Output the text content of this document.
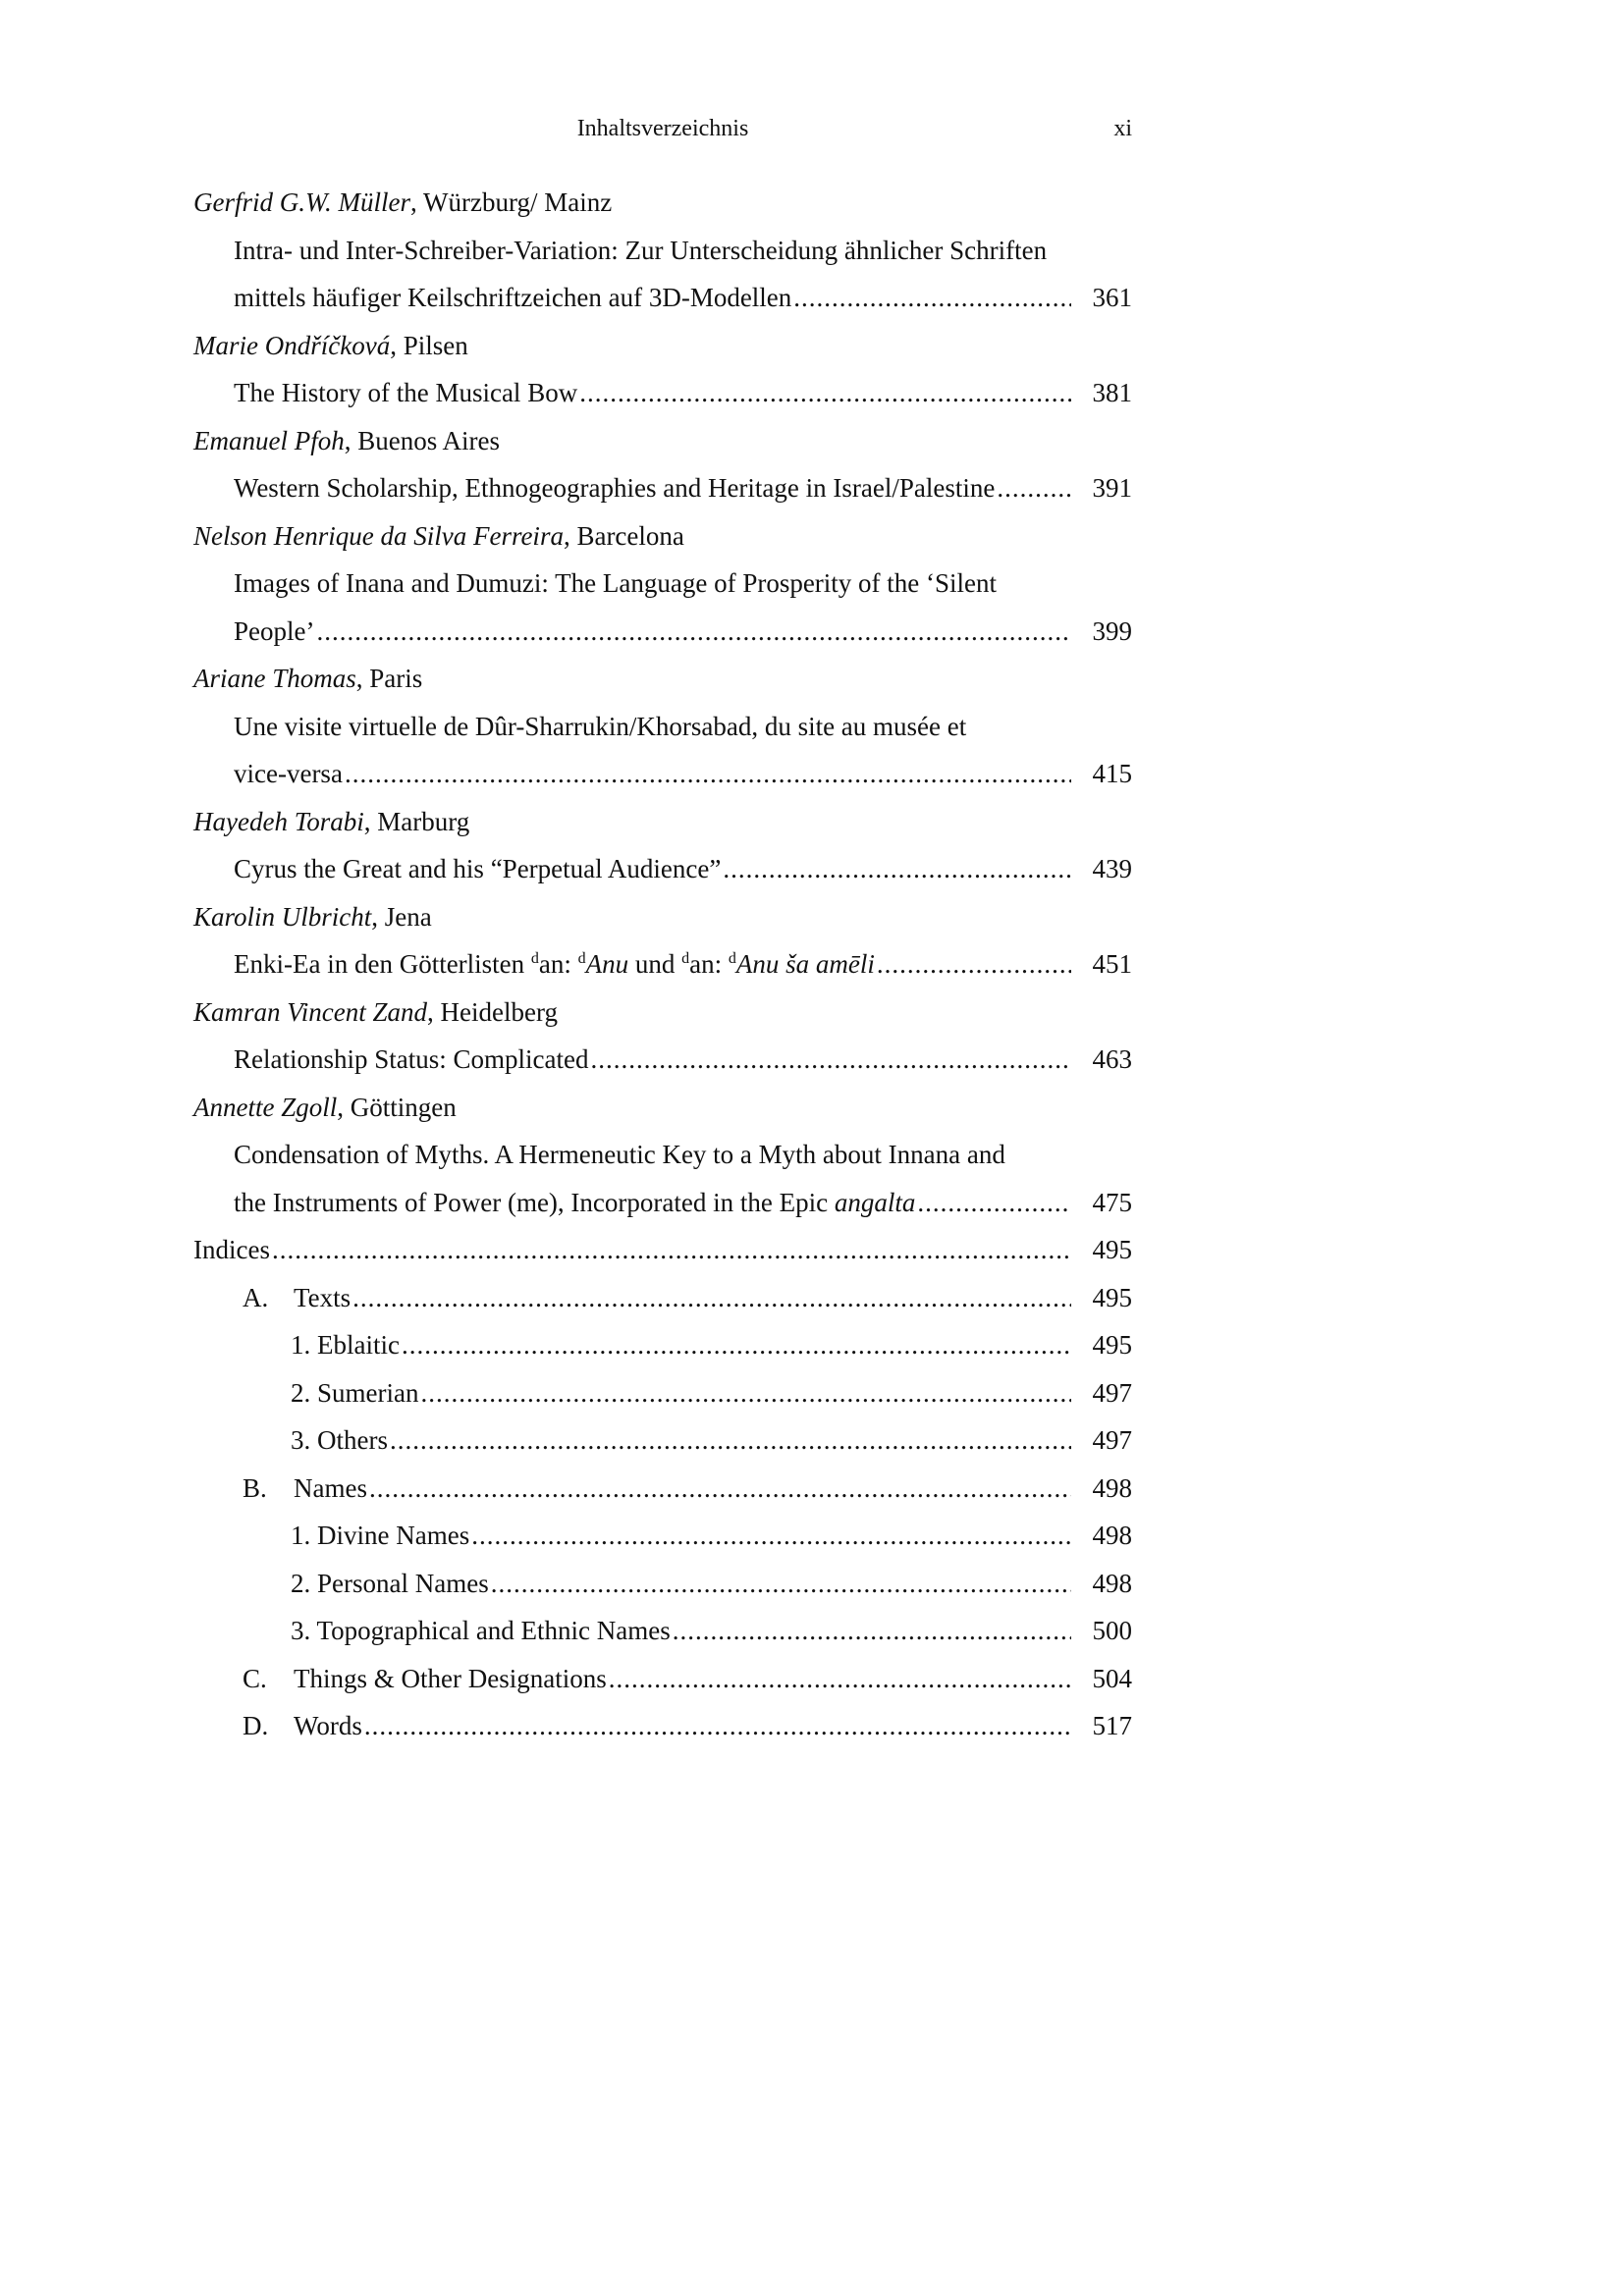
Inhaltsverzeichnis	xi
Gerfrid G.W. Müller, Würzburg/ Mainz
Intra- und Inter-Schreiber-Variation: Zur Unterscheidung ähnlicher Schriften
mittels häufiger Keilschriftzeichen auf 3D-Modellen .....	361
Marie Ondříčková, Pilsen
The History of the Musical Bow .....	381
Emanuel Pfoh, Buenos Aires
Western Scholarship, Ethnogeographies and Heritage in Israel/Palestine .....	391
Nelson Henrique da Silva Ferreira, Barcelona
Images of Inana and Dumuzi: The Language of Prosperity of the ‘Silent
People’ .....	399
Ariane Thomas, Paris
Une visite virtuelle de Dûr-Sharrukin/Khorsabad, du site au musée et
vice-versa .....	415
Hayedeh Torabi, Marburg
Cyrus the Great and his “Perpetual Audience” .....	439
Karolin Ulbricht, Jena
Enki-Ea in den Götterlisten $^d$an: $^d$Anu und $^d$an: $^d$Anu ša amēli .....	451
Kamran Vincent Zand, Heidelberg
Relationship Status: Complicated .....	463
Annette Zgoll, Göttingen
Condensation of Myths. A Hermeneutic Key to a Myth about Innana and
the Instruments of Power (me), Incorporated in the Epic angalta .....	475
Indices .....	495
A. Texts .....	495
1. Eblaitic .....	495
2. Sumerian .....	497
3. Others .....	497
B. Names .....	498
1. Divine Names .....	498
2. Personal Names .....	498
3. Topographical and Ethnic Names .....	500
C. Things & Other Designations .....	504
D. Words .....	517
